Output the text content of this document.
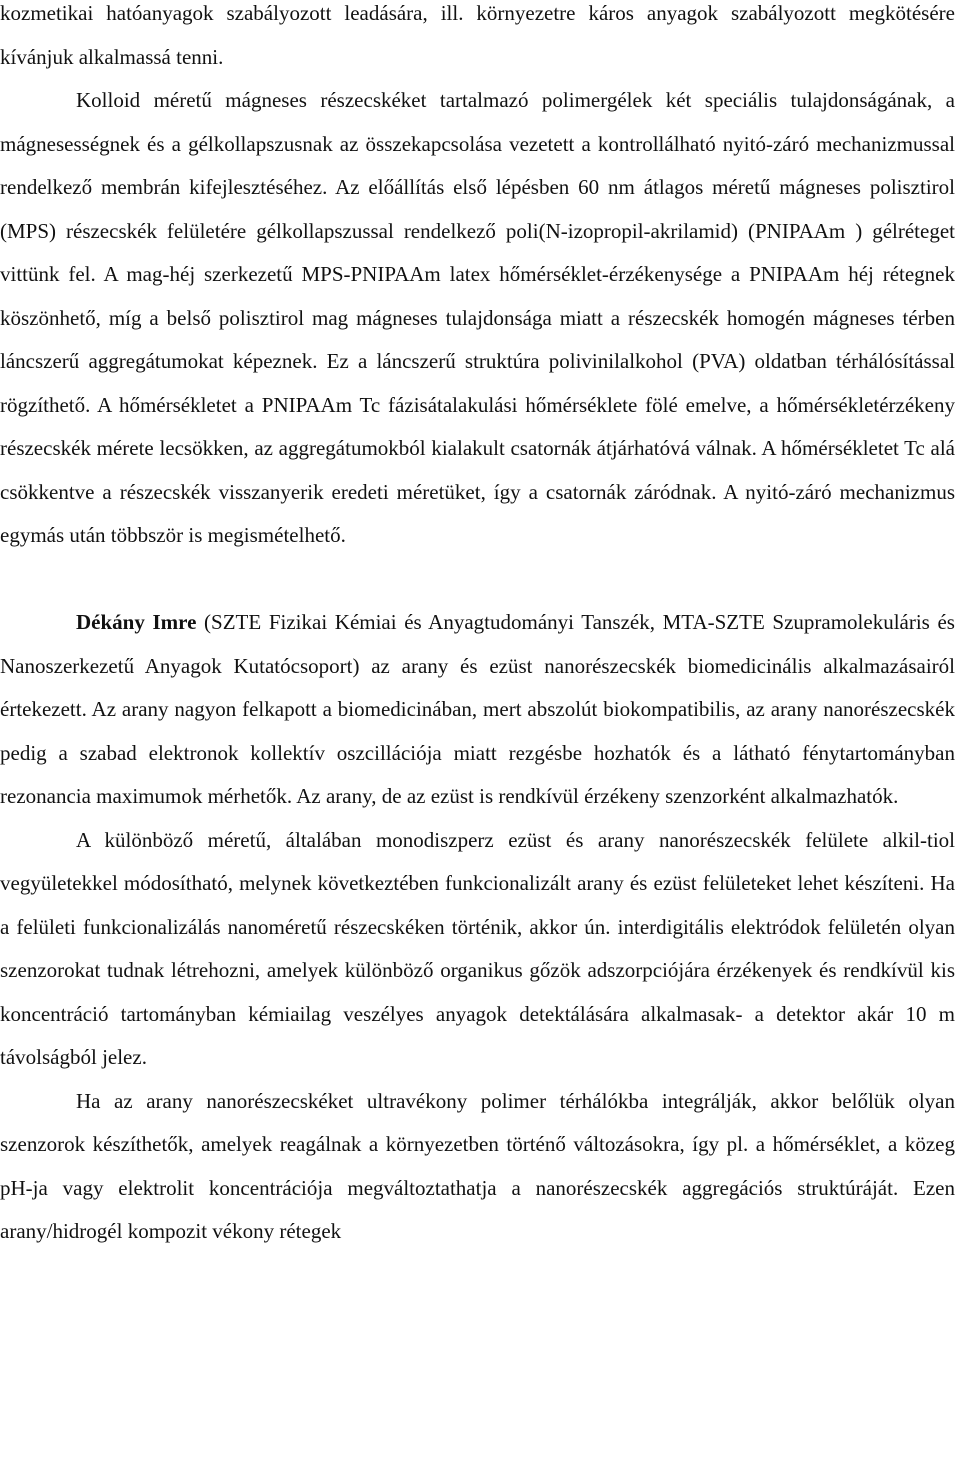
kozmetikai hatóanyagok szabályozott leadására, ill. környezetre káros anyagok szabályozott megkötésére kívánjuk alkalmassá tenni.

Kolloid méretű mágneses részecskéket tartalmazó polimergélek két speciális tulajdonságának, a mágnesességnek és a gélkollapszusnak az összekapcsolása vezetett a kontrollálható nyitó-záró mechanizmussal rendelkező membrán kifejlesztéséhez. Az előállítás első lépésben 60 nm átlagos méretű mágneses polisztirol (MPS) részecskék felületére gélkollapszussal rendelkező poli(N-izopropil-akrilamid) (PNIPAAm ) gélréteget vittünk fel. A mag-héj szerkezetű MPS-PNIPAAm latex hőmérséklet-érzékenysége a PNIPAAm héj rétegnek köszönhető, míg a belső polisztirol mag mágneses tulajdonsága miatt a részecskék homogén mágneses térben láncszerű aggregátumokat képeznek. Ez a láncszerű struktúra polivinilalkohol (PVA) oldatban térhálósítással rögzíthető. A hőmérsékletet a PNIPAAm Tc fázisátalakulási hőmérséklete fölé emelve, a hőmérsékletérzékeny részecskék mérete lecsökken, az aggregátumokból kialakult csatornák átjárhatóvá válnak. A hőmérsékletet Tc alá csökkentve a részecskék visszanyerik eredeti méretüket, így a csatornák záródnak. A nyitó-záró mechanizmus egymás után többször is megismételhető.

Dékány Imre (SZTE Fizikai Kémiai és Anyagtudományi Tanszék, MTA-SZTE Szupramolekuláris és Nanoszerkezetű Anyagok Kutatócsoport) az arany és ezüst nanorészecskék biomedicinális alkalmazásairól értekezett. Az arany nagyon felkapott a biomedicinában, mert abszolút biokompatibilis, az arany nanorészecskék pedig a szabad elektronok kollektív oszcillációja miatt rezgésbe hozhatók és a látható fénytartományban rezonancia maximumok mérhetők. Az arany, de az ezüst is rendkívül érzékeny szenzorként alkalmazhatók.

A különböző méretű, általában monodiszperz ezüst és arany nanorészecskék felülete alkil-tiol vegyületekkel módosítható, melynek következtében funkcionalizált arany és ezüst felületeket lehet készíteni. Ha a felületi funkcionalizálás nanoméretű részecskéken történik, akkor ún. interdigitális elektródok felületén olyan szenzorokat tudnak létrehozni, amelyek különböző organikus gőzök adszorpciójára érzékenyek és rendkívül kis koncentráció tartományban kémiailag veszélyes anyagok detektálására alkalmasak- a detektor akár 10 m távolságból jelez.

Ha az arany nanorészecskéket ultravékony polimer térhálókba integrálják, akkor belőlük olyan szenzorok készíthetők, amelyek reagálnak a környezetben történő változásokra, így pl. a hőmérséklet, a közeg pH-ja vagy elektrolit koncentrációja megváltoztathatja a nanorészecskék aggregációs struktúráját. Ezen arany/hidrogél kompozit vékony rétegek
